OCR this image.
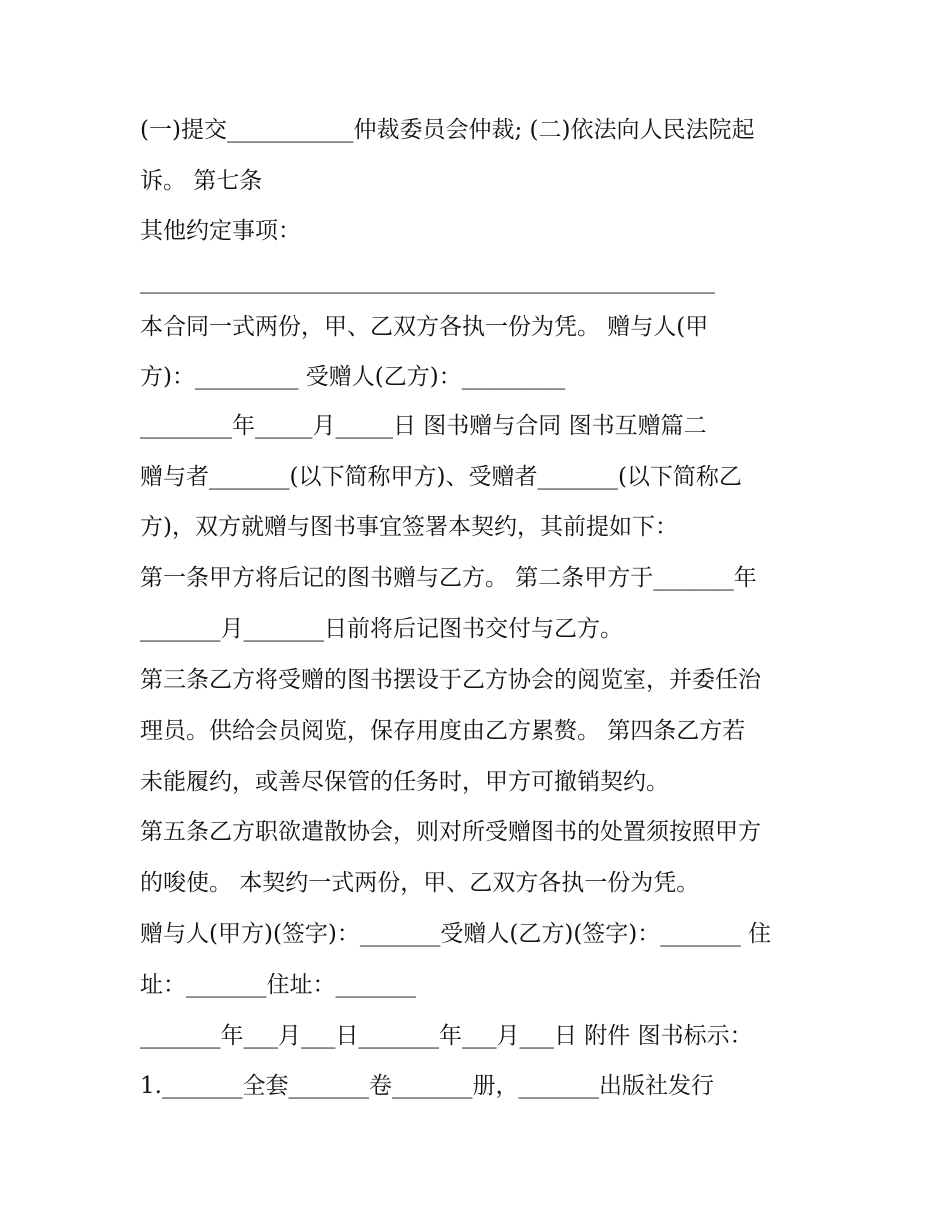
(一)提交___________仲裁委员会仲裁; (二)依法向人民法院起

诉。 第七条

其他约定事项：

__________________________________________________

本合同一式两份，甲、乙双方各执一份为凭。 赠与人(甲

方)：_________ 受赠人(乙方)：_________

________年_____月_____日 图书赠与合同 图书互赠篇二

赠与者_______(以下简称甲方)、受赠者_______(以下简称乙

方)，双方就赠与图书事宜签署本契约，其前提如下：

第一条甲方将后记的图书赠与乙方。 第二条甲方于_______年

_______月_______日前将后记图书交付与乙方。

第三条乙方将受赠的图书摆设于乙方协会的阅览室，并委任治

理员。供给会员阅览，保存用度由乙方累赘。 第四条乙方若

未能履约，或善尽保管的任务时，甲方可撤销契约。

第五条乙方职欲遣散协会，则对所受赠图书的处置须按照甲方

的唆使。 本契约一式两份，甲、乙双方各执一份为凭。

赠与人(甲方)(签字)：_______受赠人(乙方)(签字)：_______ 住

址：_______住址：_______

_______年___月___日_______年___月___日 附件 图书标示：

1._______全套_______卷_______册，_______出版社发行
